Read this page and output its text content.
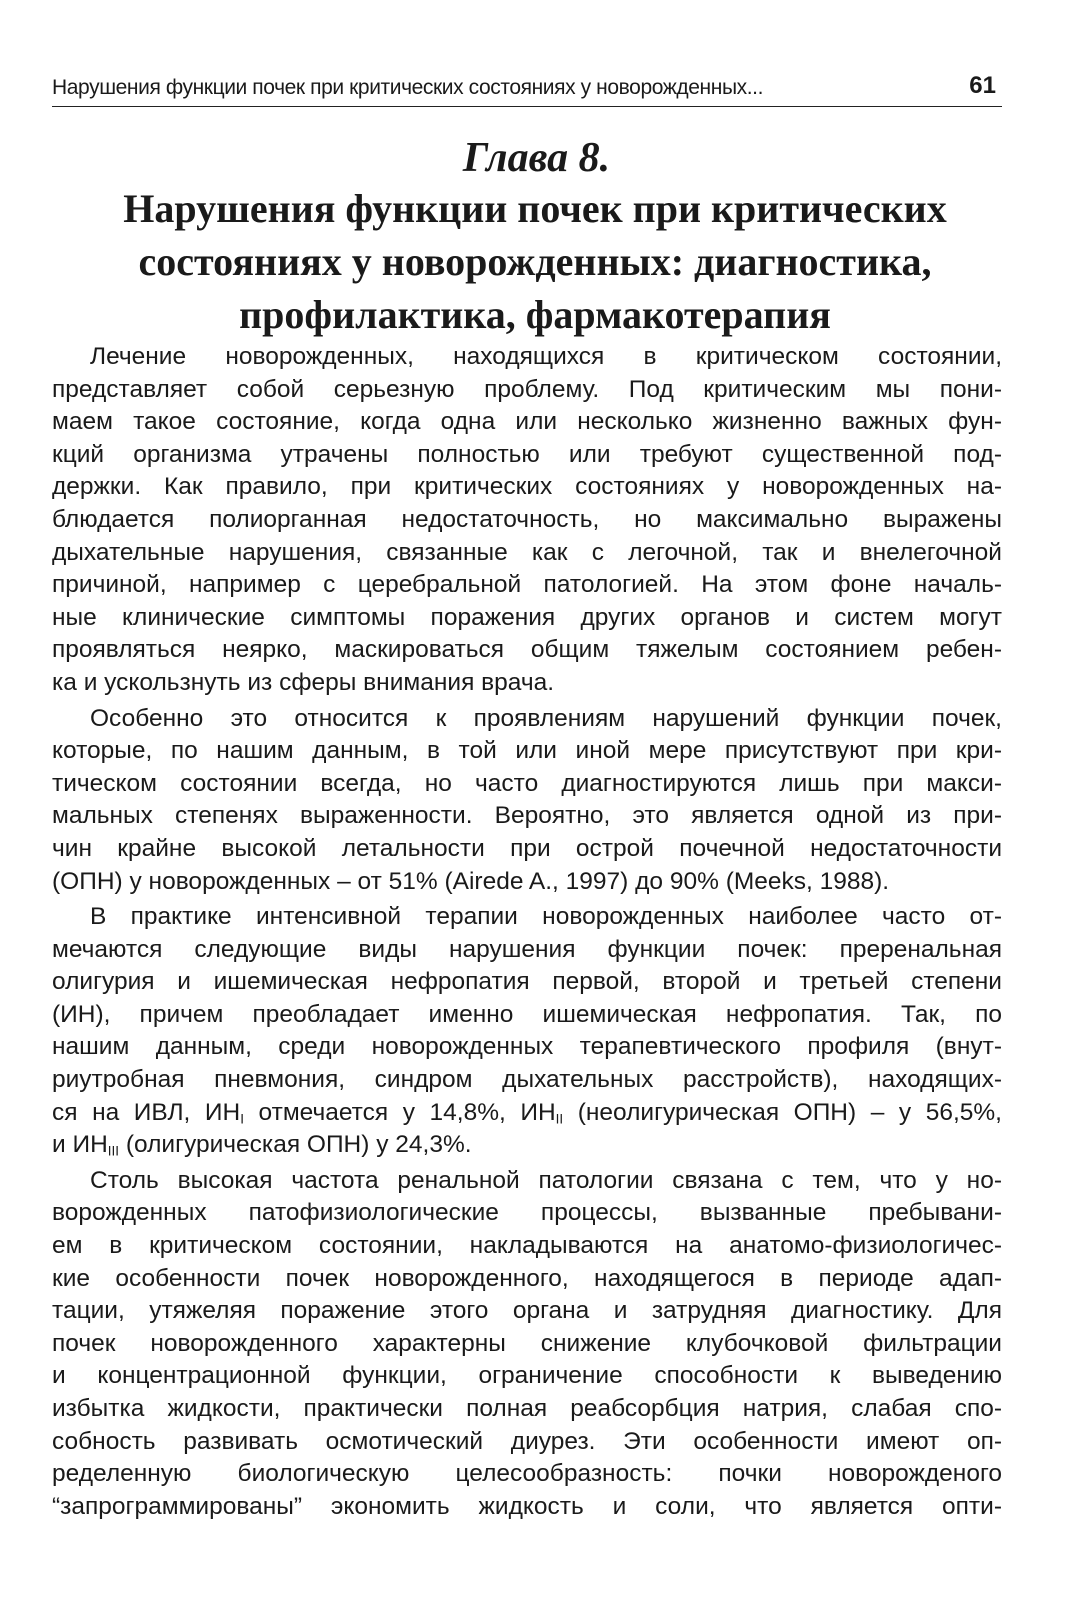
Нарушения функции почек при критических состояниях у новорожденных...	61
Глава 8.
Нарушения функции почек при критических
состояниях у новорожденных: диагностика,
профилактика, фармакотерапия

Лечение новорожденных, находящихся в критическом состоянии,
представляет собой серьезную проблему. Под критическим мы пони-
маем такое состояние, когда одна или несколько жизненно важных фун-
кций организма утрачены полностью или требуют существенной под-
держки. Как правило, при критических состояниях у новорожденных на-
блюдается полиорганная недостаточность, но максимально выражены
дыхательные нарушения, связанные как с легочной, так и внелегочной
причиной, например с церебральной патологией. На этом фоне началь-
ные клинические симптомы поражения других органов и систем могут
проявляться неярко, маскироваться общим тяжелым состоянием ребен-
ка и ускользнуть из сферы внимания врача.

Особенно это относится к проявлениям нарушений функции почек,
которые, по нашим данным, в той или иной мере присутствуют при кри-
тическом состоянии всегда, но часто диагностируются лишь при макси-
мальных степенях выраженности. Вероятно, это является одной из при-
чин крайне высокой летальности при острой почечной недостаточности
(ОПН) у новорожденных – от 51% (Airede A., 1997) до 90% (Meeks, 1988).

В практике интенсивной терапии новорожденных наиболее часто от-
мечаются следующие виды нарушения функции почек: преренальная
олигурия и ишемическая нефропатия первой, второй и третьей степени
(ИН), причем преобладает именно ишемическая нефропатия. Так, по
нашим данным, среди новорожденных терапевтического профиля (внут-
риутробная пневмония, синдром дыхательных расстройств), находящих-
ся на ИВЛ, $ИН_I$ отмечается у 14,8%, $ИН_{II}$ (неолигурическая ОПН) – у 56,5%,
и $ИН_{III}$ (олигурическая ОПН) у 24,3%.

Столь высокая частота ренальной патологии связана с тем, что у но-
ворожденных патофизиологические процессы, вызванные пребывани-
ем в критическом состоянии, накладываются на анатомо-физиологичес-
кие особенности почек новорожденного, находящегося в периоде адап-
тации, утяжеляя поражение этого органа и затрудняя диагностику. Для
почек новорожденного характерны снижение клубочковой фильтрации
и концентрационной функции, ограничение способности к выведению
избытка жидкости, практически полная реабсорбция натрия, слабая спо-
собность развивать осмотический диурез. Эти особенности имеют оп-
ределенную биологическую целесообразность: почки новорожденого
“запрограммированы” экономить жидкость и соли, что является опти-
